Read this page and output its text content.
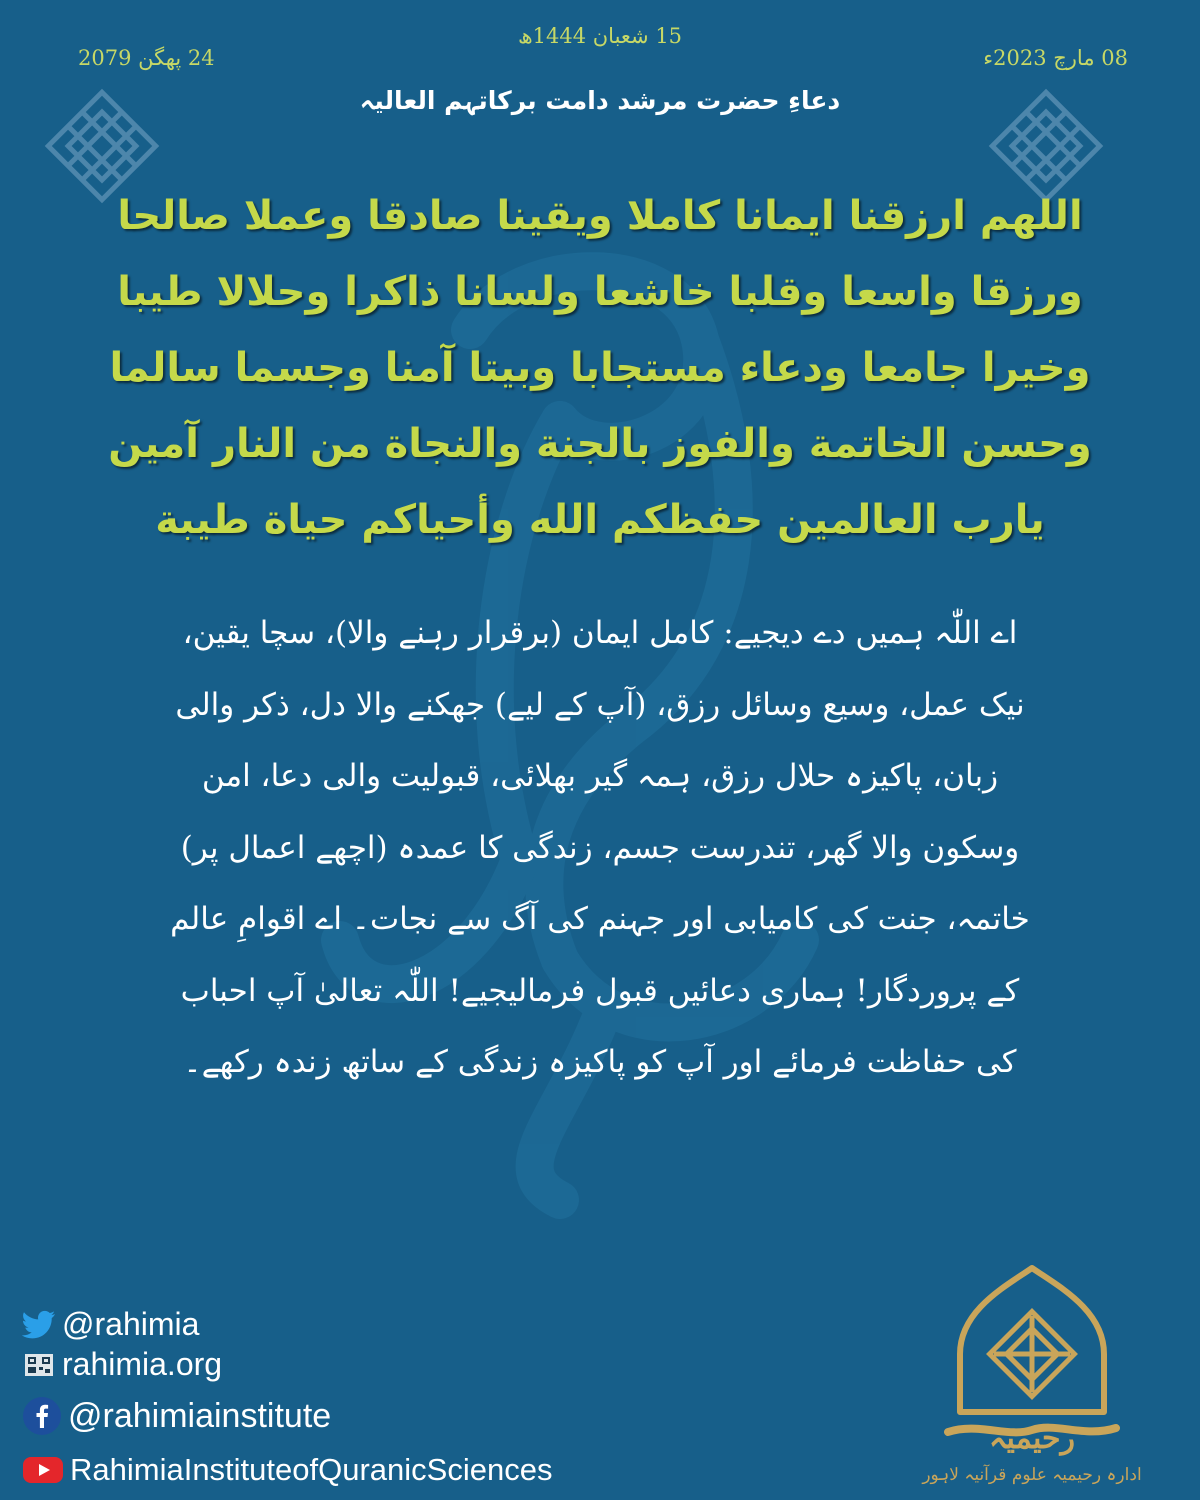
08 مارچ 2023ء
15 شعبان 1444ھ
24 پھگن 2079
دعاءِ حضرت مرشد دامت برکاتہم العالیہ
اللهم ارزقنا ایمانا کاملا ویقینا صادقا وعملا صالحا ورزقا واسعا وقلبا خاشعا ولسانا ذاکرا وحلالا طیبا وخیرا جامعا ودعاء مستجابا وبیتا آمنا وجسما سالما وحسن الخاتمة والفوز بالجنة والنجاة من النار آمین یارب العالمین حفظکم الله وأحیاکم حیاة طیبة
اے اللّٰہ ہمیں دے دیجیے: کامل ایمان (برقرار رہنے والا)، سچا یقین، نیک عمل، وسیع وسائل رزق، (آپ کے لیے) جھکنے والا دل، ذکر والی زبان، پاکیزہ حلال رزق، ہمہ گیر بھلائی، قبولیت والی دعا، امن وسکون والا گھر، تندرست جسم، زندگی کا عمدہ (اچھے اعمال پر) خاتمہ، جنت کی کامیابی اور جہنم کی آگ سے نجات۔ اے اقوامِ عالم کے پروردگار! ہماری دعائیں قبول فرمالیجیے! اللّٰہ تعالیٰ آپ احباب کی حفاظت فرمائے اور آپ کو پاکیزہ زندگی کے ساتھ زندہ رکھے۔
@rahimia
rahimia.org
@rahimiainstitute
RahimiaInstituteofQuranicSciences
رحیمیہ
ادارہ رحیمیہ علوم قرآنیہ لاہور
